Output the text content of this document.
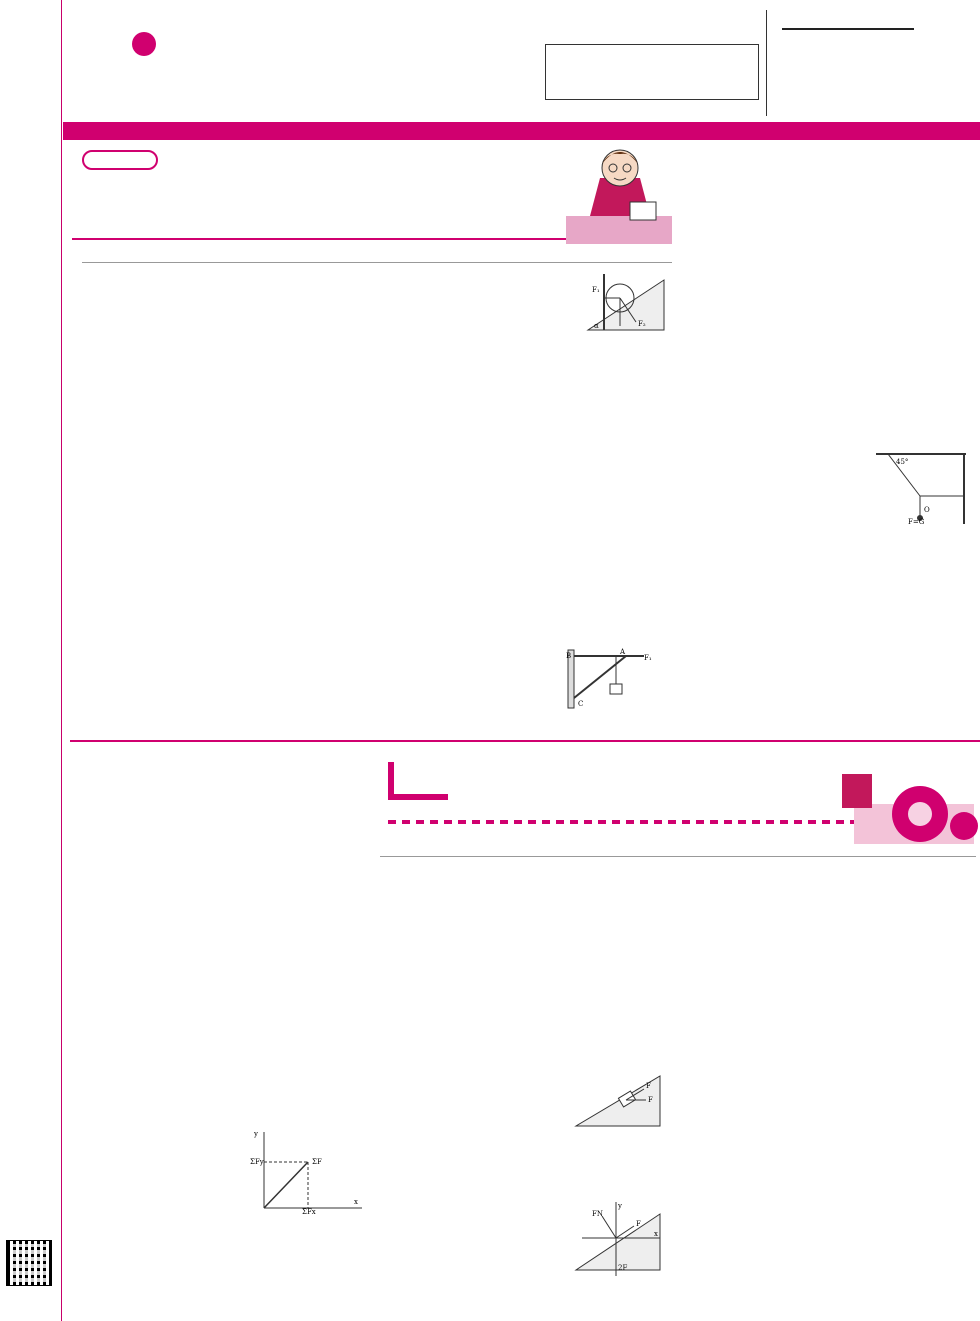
F₁
F₂
α
F₁
C
B	A
45°
O
F=G
ΣF
ΣFy
ΣFx
x
y
F
F
F
FN
2F
x
y
